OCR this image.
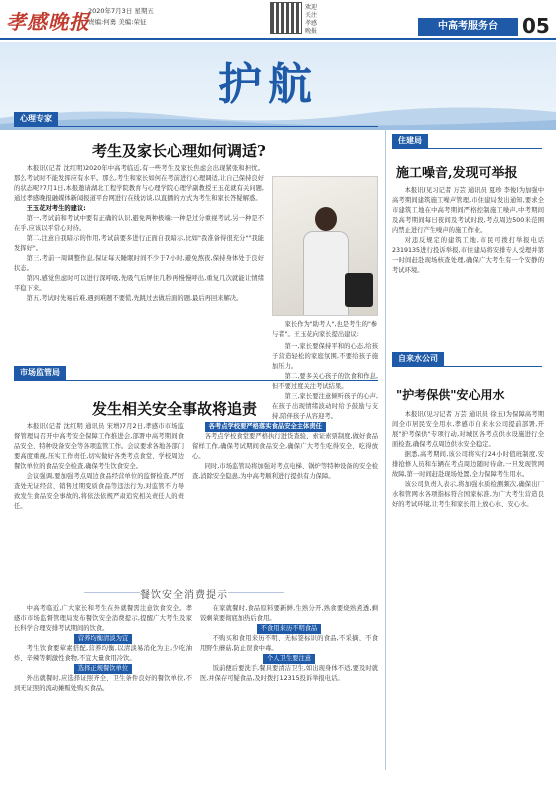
孝感晚报
2020年7月3日 星期五
责编:何勇 美编:荣征
欢迎关注孝感晚报	中高考服务台	05
护航
心理专家
考生及家长心理如何调适?

本报讯(记者 沈红明)2020年中高考临近,有一些考生及家长焦虑会出现紧张和担忧。那么考试时不能发挥应有水平。那么,考生和家长如何在考前进行心理调适,让自己保持良好的状态呢?7月1日,本报邀请湖北工程学院教育与心理学院心理学副教授王玉花就有关问题,通过孝感晚报融媒体新闻报道平台网进行在线访谈,以直播的方式为考生和家长答疑解惑。

王玉花对考生的建议:

第一,考试前和考试中要有正确的认识,避免两种极端:一种是过分重视考试,另一种是不在乎,应该以平常心对待。

第二,注意自我暗示的作用,考试前要多进行正面自我暗示,比如"我准备得很充分""我能发挥好"。

第三,考前一周调整作息,保证每天睡眠时间不少于7小时,避免熬夜,保持身体处于良好状态。

第四,感觉焦虑时可以进行深呼吸,先吸气后屏住几秒再慢慢呼出,重复几次就能让情绪平稳下来。

第五,考试时先易后难,遇到难题不要慌,先跳过去做后面的题,最后再回来解决。

家长作为"助考人",也是考生的"参与者"。王玉花向家长提出建议:

第一,家长要保持平和的心态,给孩子营造轻松的家庭氛围,不要给孩子施加压力。

第二,要多关心孩子的饮食和作息,但不要过度关注考试结果。

第三,家长要注意倾听孩子的心声,在孩子出现情绪波动时给予鼓励与支持,陪伴孩子从容迎考。

住建局
施工噪音,发现可举报

本报讯(见习记者 万芸 通讯员 夏珍 李俊)为加强中高考期间建筑施工噪声管理,市住建局发出通知,要求全市建筑工地在中高考期间严格控制施工噪声,中考期间及高考期间每日夜间及考试时段,考点周边500米范围内禁止进行产生噪声的施工作业。

对违反规定的建筑工地,市民可拨打举报电话2319135进行投诉举报,市住建局将安排专人受理并第一时间赶赴现场核查处理,确保广大考生有一个安静的考试环境。

市场监管局
发生相关安全事故将追责

本报讯(记者 沈红明 通讯员 宋增)7月2日,孝感市市场监督管理局召开中高考安全保障工作推进会,部署中高考期间食品安全、特种设备安全等各项监管工作。会议要求各地各部门要高度重视,压实工作责任,切实做好各类考点食堂、学校周边餐饮单位的食品安全检查,确保考生饮食安全。

会议强调,要加强考点周边食品经营单位的监督检查,严厉查处无证经营、销售过期变质食品等违法行为,对监管不力导致发生食品安全事故的,将依法依规严肃追究相关责任人的责任。

各考点学校要严格落实食品安全主体责任

各考点学校食堂要严格执行进货查验、索证索票制度,做好食品留样工作,确保考试期间食品安全,确保广大考生吃得安全、吃得放心。

同时,市场监管局将加强对考点电梯、锅炉等特种设备的安全检查,消除安全隐患,为中高考顺利进行提供有力保障。

餐饮安全消费提示

中高考临近,广大家长和考生在外就餐需注意饮食安全。孝感市市场监督管理局发布餐饮安全消费提示,提醒广大考生及家长科学合理安排考试期间的饮食。

营养均衡清淡为宜

考生饮食要荤素搭配,营养均衡,以清淡易消化为主,少吃油炸、辛辣等刺激性食物,不宜大量食用冷饮。

选择正规餐饮单位

外出就餐时,应选择证照齐全、卫生条件良好的餐饮单位,不到无证照的流动摊贩处购买食品。

在家就餐时,食品原料要新鲜,生熟分开,熟食要烧熟煮透,剩饭剩菜要彻底加热后食用。

不食用来历不明食品

不购买和食用来历不明、无标签标识的食品,不采摘、不食用野生蘑菇,防止误食中毒。

个人卫生要注意

饭前便后要洗手,餐具要清洁卫生,如出现身体不适,要及时就医,并保存可疑食品,及时拨打12315投诉举报电话。

自来水公司
"护考保供"安心用水

本报讯(见习记者 万芸 通讯员 徐玉)为保障高考期间全市居民安全用水,孝感市自来水公司提前部署,开展"护考保供"专项行动,对城区各考点供水设施进行全面检查,确保考点周边供水安全稳定。

据悉,高考期间,该公司将实行24小时值班制度,安排抢修人员和车辆在考点周边随时待命,一旦发现管网故障,第一时间赶赴现场处置,全力保障考生用水。

该公司负责人表示,将加强水质检测频次,确保出厂水和管网水各项指标符合国家标准,为广大考生营造良好的考试环境,让考生和家长用上放心水、安心水。
